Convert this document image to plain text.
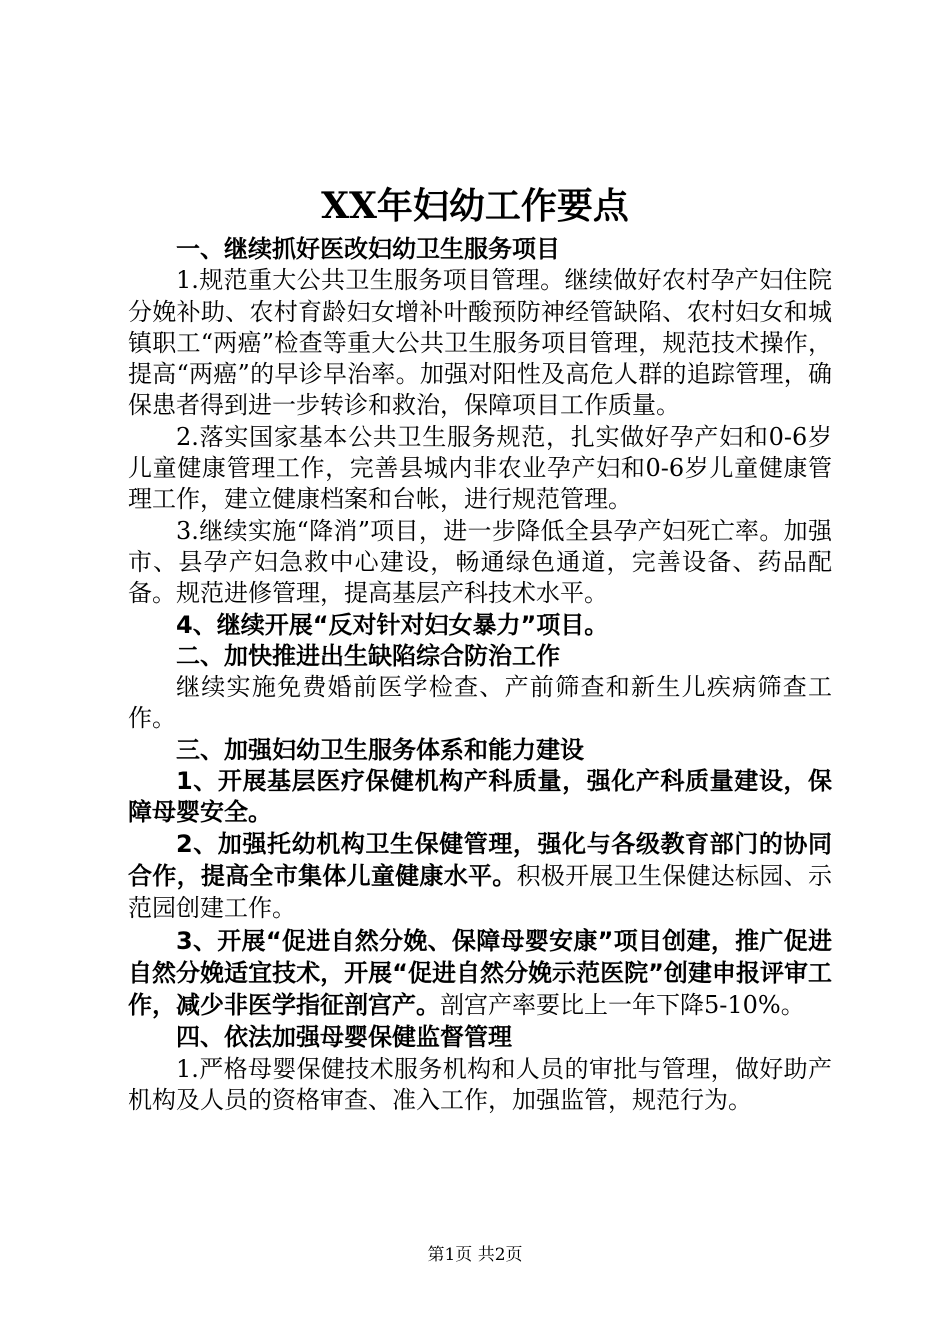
XX年妇幼工作要点

一、继续抓好医改妇幼卫生服务项目

1.规范重大公共卫生服务项目管理。继续做好农村孕产妇住院分娩补助、农村育龄妇女增补叶酸预防神经管缺陷、农村妇女和城镇职工“两癌”检查等重大公共卫生服务项目管理，规范技术操作，提高“两癌”的早诊早治率。加强对阳性及高危人群的追踪管理，确保患者得到进一步转诊和救治，保障项目工作质量。

2.落实国家基本公共卫生服务规范，扎实做好孕产妇和0-6岁儿童健康管理工作，完善县城内非农业孕产妇和0-6岁儿童健康管理工作，建立健康档案和台帐，进行规范管理。

3.继续实施“降消”项目，进一步降低全县孕产妇死亡率。加强市、县孕产妇急救中心建设，畅通绿色通道，完善设备、药品配备。规范进修管理，提高基层产科技术水平。

4、继续开展“反对针对妇女暴力”项目。

二、加快推进出生缺陷综合防治工作

继续实施免费婚前医学检查、产前筛查和新生儿疾病筛查工作。

三、加强妇幼卫生服务体系和能力建设

1、开展基层医疗保健机构产科质量，强化产科质量建设，保障母婴安全。

2、加强托幼机构卫生保健管理，强化与各级教育部门的协同合作，提高全市集体儿童健康水平。积极开展卫生保健达标园、示范园创建工作。

3、开展“促进自然分娩、保障母婴安康”项目创建，推广促进自然分娩适宜技术，开展“促进自然分娩示范医院”创建申报评审工作，减少非医学指征剖宫产。剖宫产率要比上一年下降5-10%。

四、依法加强母婴保健监督管理

1.严格母婴保健技术服务机构和人员的审批与管理，做好助产机构及人员的资格审查、准入工作，加强监管，规范行为。

第1页 共2页
